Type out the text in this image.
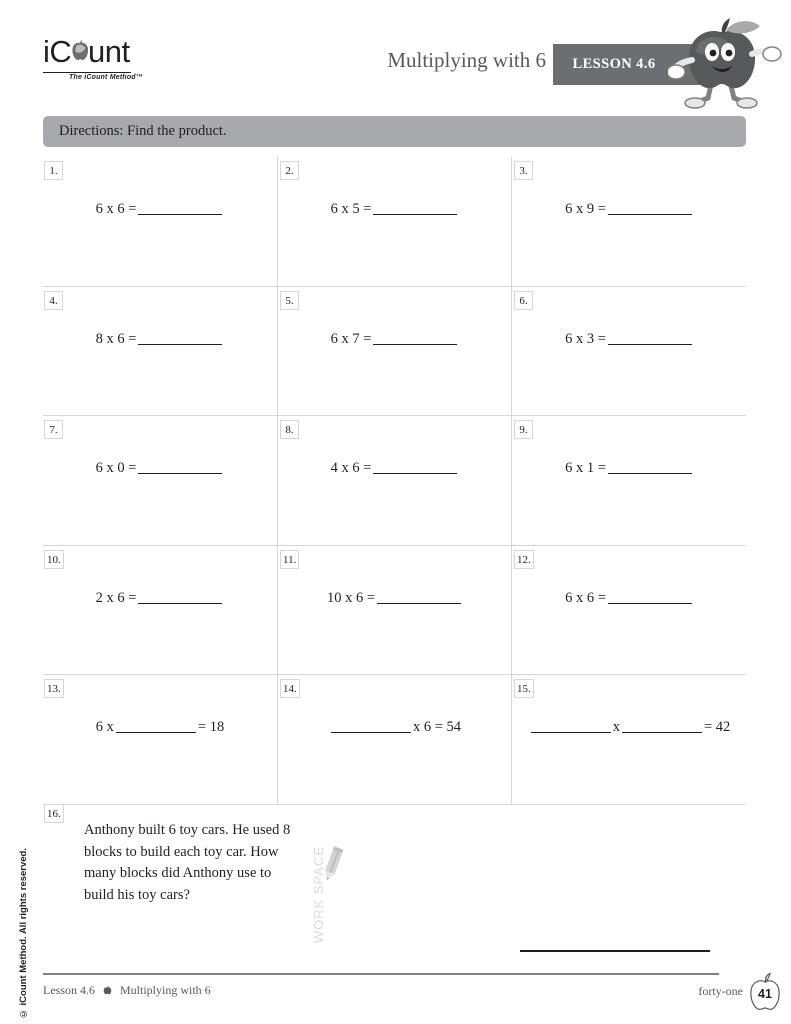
iC unt
The iCount Method™
Multiplying with 6	LESSON 4.6
Directions: Find the product.
1.
6 x 6 =
2.
6 x 5 =
3.
6 x 9 =
4.
8 x 6 =
5.
6 x 7 =
6.
6 x 3 =
7.
6 x 0 =
8.
4 x 6 =
9.
6 x 1 =
10.
2 x 6 =
11.
10 x 6 =
12.
6 x 6 =
13.
6 x	= 18
14.
x 6 = 54
15.
x	= 42
16.
Anthony built 6 toy cars. He used 8 blocks to build each toy car. How many blocks did Anthony use to build his toy cars?	WORK SPACE
© iCount Method. All rights reserved. Lesson 4.6 Multiplying with 6	forty-one	41
